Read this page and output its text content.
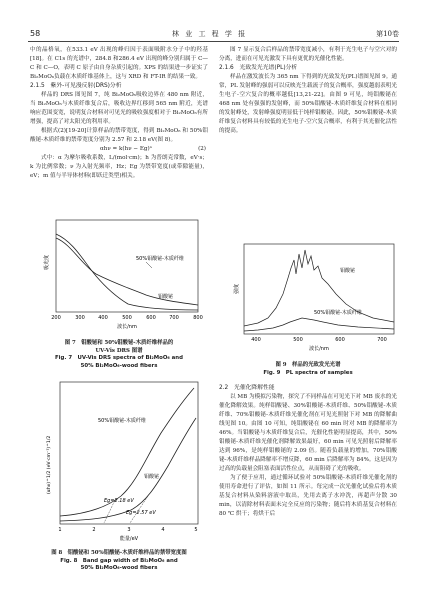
58	林 业 工 程 学 报	第10卷

中的晶格氧，在533.1 eV 出现的峰归因于表面吸附水分子中的羟基[18]。在 C1s 的光谱中，284.8 和286.4 eV 出现的峰分别归属于 C—C 和 C—O，表明 C 原子由自身杂质引起的。XPS 的结果进一步证实了Bi₂MoO₆负载在木质纤维基体上，这与 XRD 和 FT-IR 的结果一致。

2.1.5　紫外-可见漫反射(DRS)分析

样品的 DRS 图见图 7，纯 Bi₂MoO₆吸收边界在 480 nm 附近，当 Bi₂MoO₆与木质纤维复合后，吸收边界红移到 565 nm 附近，光谱响应范围变宽，说明复合材料对可见光的吸收强度相对于 Bi₂MoO₆有所增强，提高了对太阳光的利用率。

根据式(2)[19-20]计算样品的禁带宽度，得到 Bi₂MoO₆ 和 50%钼酸铋-木质纤维的禁带宽度分别为 2.57 和 2.18 eV(图 8)。

αhν = k(hν − Eg)ⁿ	(2)

式中：α 为摩尔吸收系数，L/(mol·cm)；h 为普朗克常数，eV·s；k 为比例常数；ν 为入射光频率，Hz；Eg 为禁带宽度(或带隙能量)，eV；m 值与半导体材料(即跃迁类型)相关。

50%钼酸铋-木质纤维
钼酸铋
吸光度
200	300	400	500	600	700	800
波长/nm
图 7　钼酸铋和 50%钼酸铋-木质纤维样品的
UV-Vis DRS 图谱
Fig. 7　UV-Vis DRS spectra of Bi₂MoO₆ and
50% Bi₂MoO₆-wood fibers
50%钼酸铋-木质纤维
钼酸铋
Eg=2.18 eV
Eg=2.57 eV
(αhν)^1/2 (eV·cm⁻¹)^1/2
1	2	3	4	5
能量/eV
图 8　钼酸铋和 50%钼酸铋-木质纤维样品的禁带宽度图
Fig. 8　Band gap width of Bi₂MoO₆ and
50% Bi₂MoO₆-wood fibers

图 7 显示复合后样品的禁带宽度减小，有利于光生电子与空穴对的分离，进而在可见光激发下具有更优的光催化性能。

2.1.6　光致发光光谱(PL)分析

样品在激发波长为 365 nm 下得到的光致发光(PL)谱图见图 9。通常，PL 发射峰的强弱可以反映光生载流子的复合概率，强度越弱表明光生电子-空穴复合的概率越低[13,21-22]。由图 9 可见，纯钼酸铋在 468 nm 处有强强的发射峰，而 50%钼酸铋-木质纤维复合材料在相同的发射峰处，发射峰强度明显低于纯样钼酸铋。因此，50%钼酸铋-木质纤维复合材料具有较低的光生电子-空穴复合概率，有利于其光催化活性的提高。

钼酸铋
50%钼酸铋-木质纤维
强度
400	500	600	700
波长/nm
图 9　样品的光致发光光谱
Fig. 9　PL spectra of samples

2.2　光催化降解性能

以 MB 为模拟污染物，探究了不同样品在可见光下对 MB 废水的光催化降解效果。纯样钼酸铋、30%钼酸铋-木质纤维、50%钼酸铋-木质纤维、70%钼酸铋-木质纤维光催化剂在可见光照射下对 MB 的降解曲线见图 10。由图 10 可知，纯钼酸铋在 60 min 时对 MB 的降解率为 46%。当钼酸铋与木质纤维复合后，光催化性能明显提高，其中，50%钼酸铋-木质纤维光催化剂降解效果最好，60 min 可见光照射后降解率达到 96%，是纯样钼酸铋的 2.09 倍。随着负载量的增加，70%钼酸铋-木质纤维样品降解率不增反降，60 min 后降解率为 84%。这是因为过高的负载量会阻塞表面活性位点，从而阻碍了光的吸收。

为了便于应用，通过循环试验对 50%钼酸铋-木质纤维光催化剂的使用寿命进行了评估，如图 11 所示。每完成一次光催化试验后将木质基复合材料从染料溶液中取出，先用去离子水冲洗，再超声分散 30 min，以清除材料表面未完全反应的污染物；随后将木质基复合材料在 80 ℃ 烘干；将烘干后
